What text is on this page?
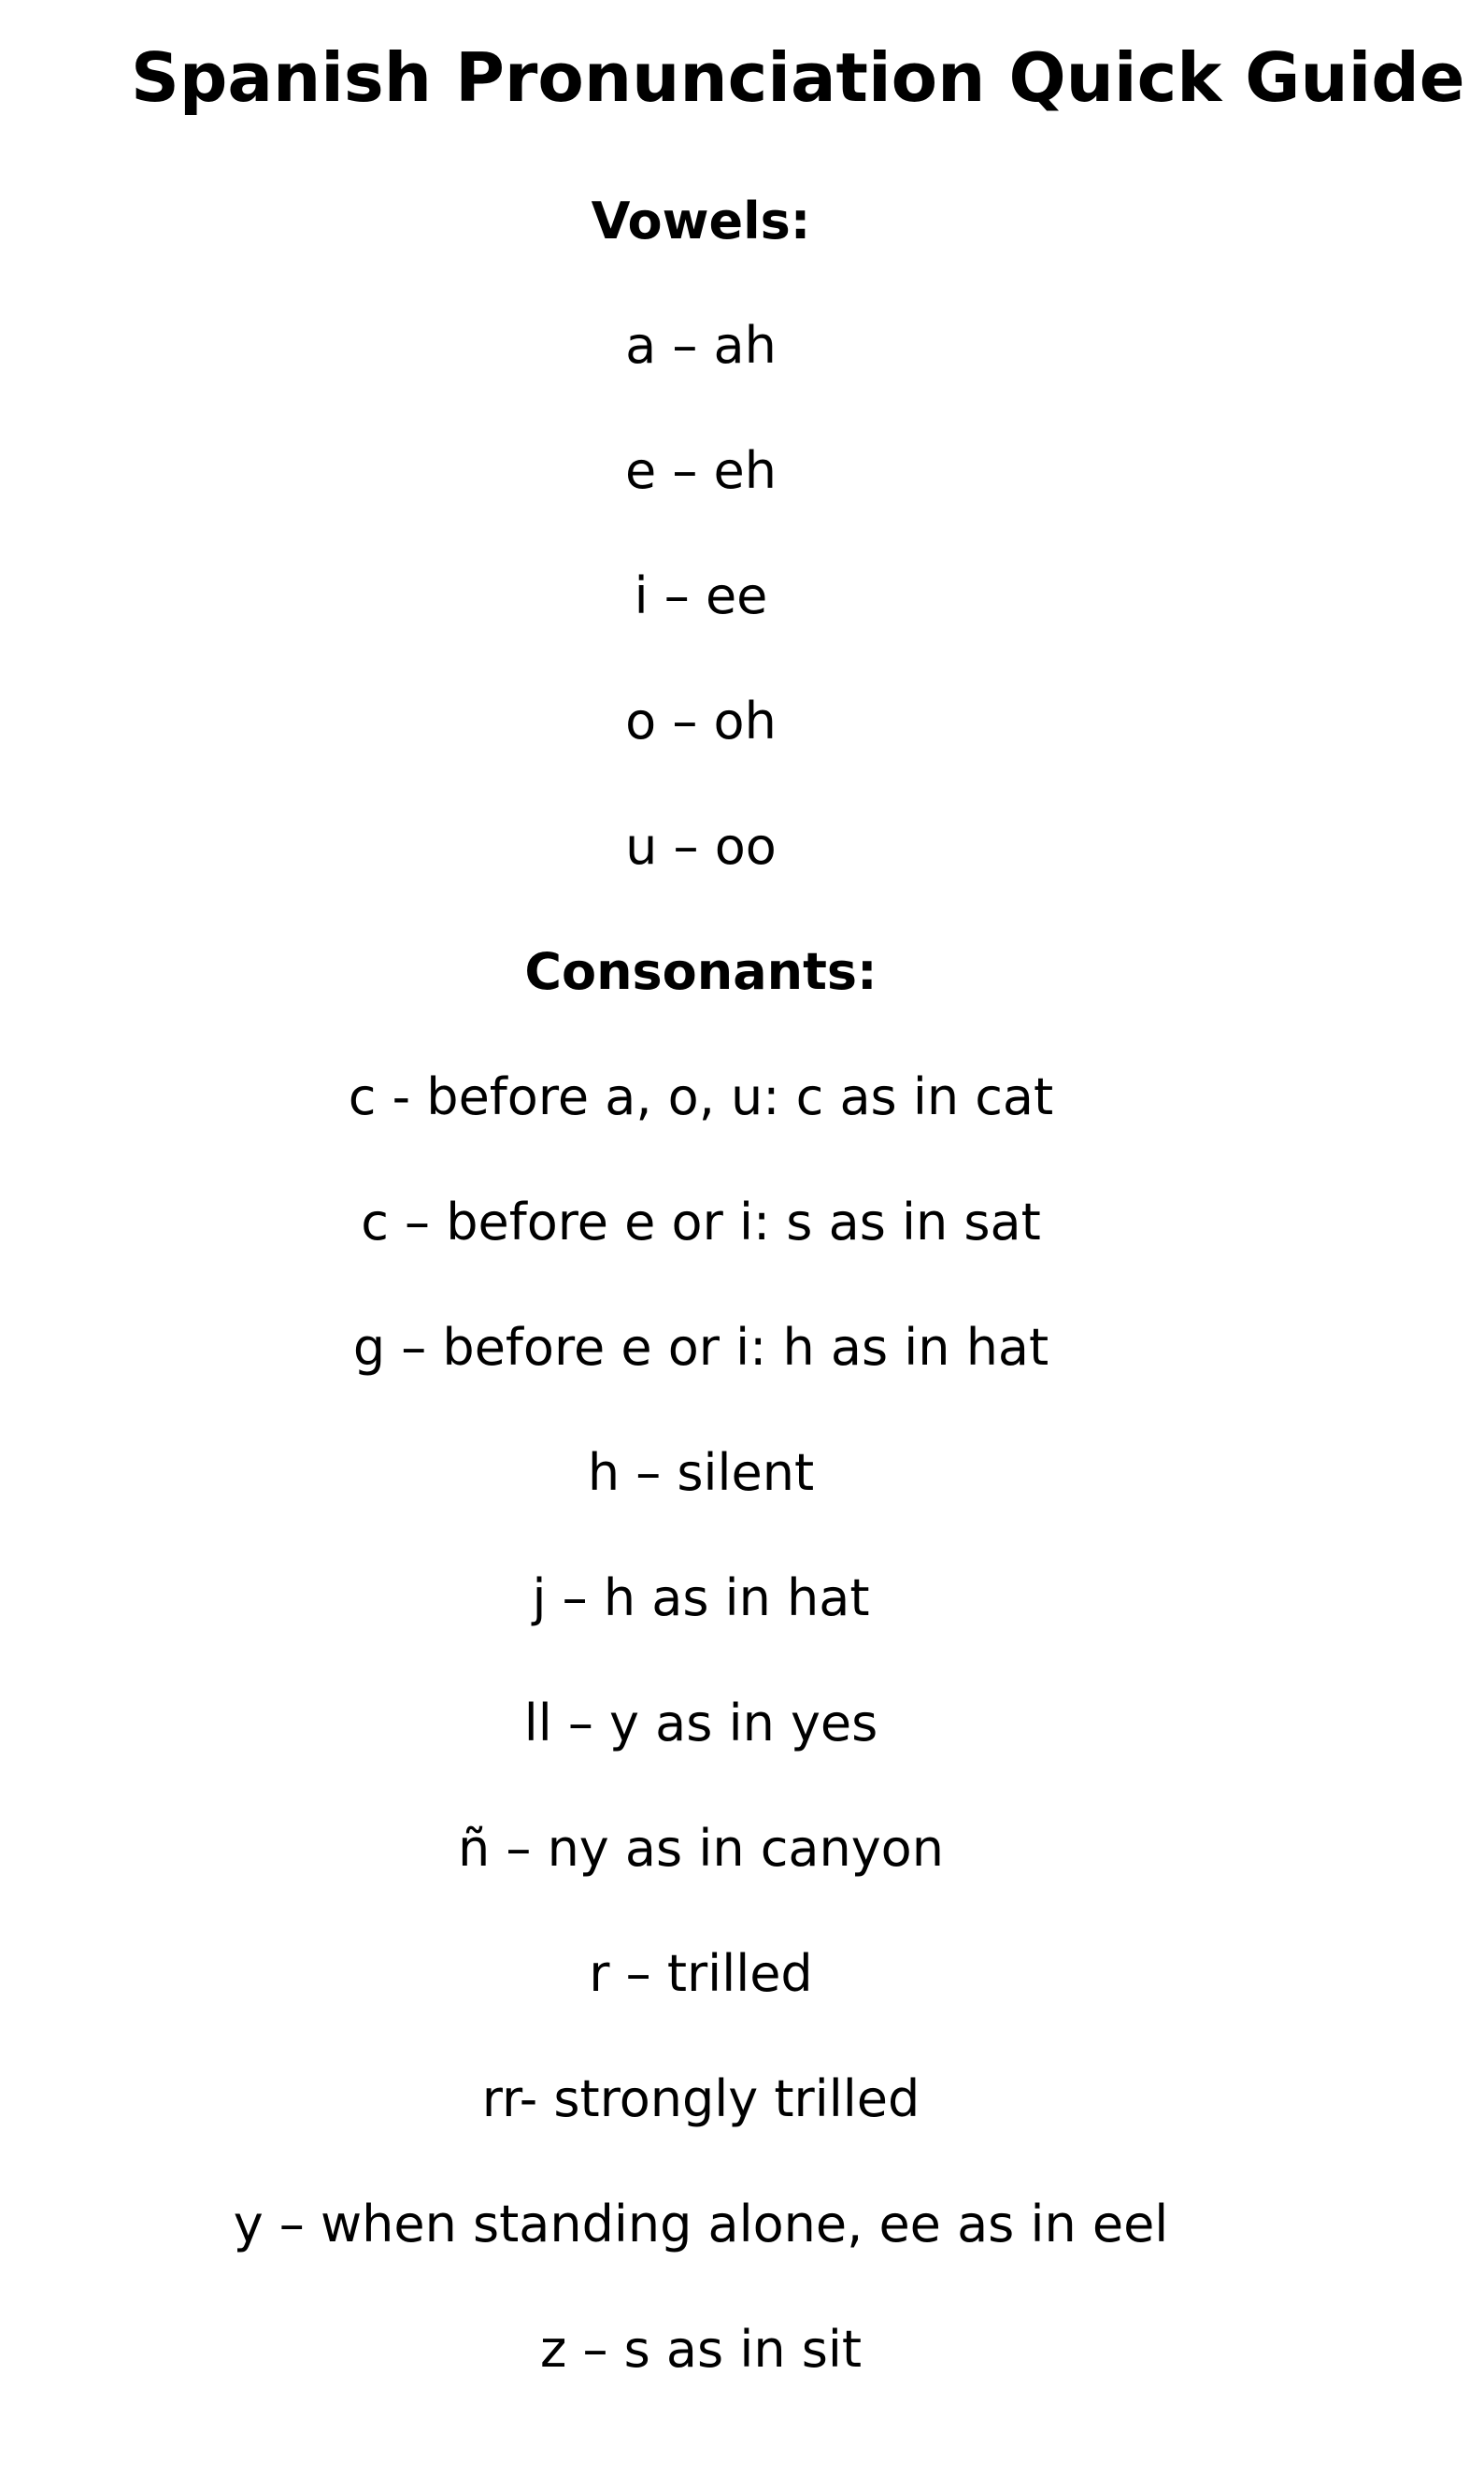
Spanish Pronunciation Quick Guide
Vowels:
a – ah
e – eh
i – ee
o – oh
u – oo
Consonants:
c - before a, o, u: c as in cat
c – before e or i: s as in sat
g – before e or i: h as in hat
h – silent
j – h as in hat
ll – y as in yes
ñ – ny as in canyon
r – trilled
rr- strongly trilled
y – when standing alone, ee as in eel
z – s as in sit
